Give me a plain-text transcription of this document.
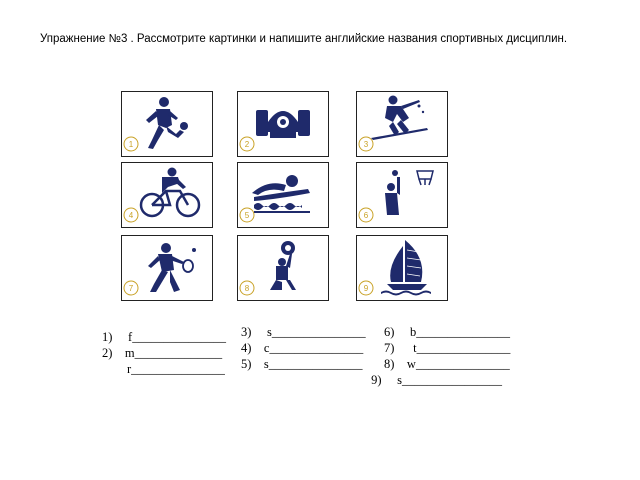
Упражнение №3 . Рассмотрите картинки и напишите английские названия спортивных дисциплин.
1	2	3
4	5	6
7	8	9
1)     f_______________
2)    m______________
r_______________
3)     s_______________
4)    c_______________
5)    s_______________
6)     b_______________
7)      t_______________
8)    w_______________
9)     s________________
